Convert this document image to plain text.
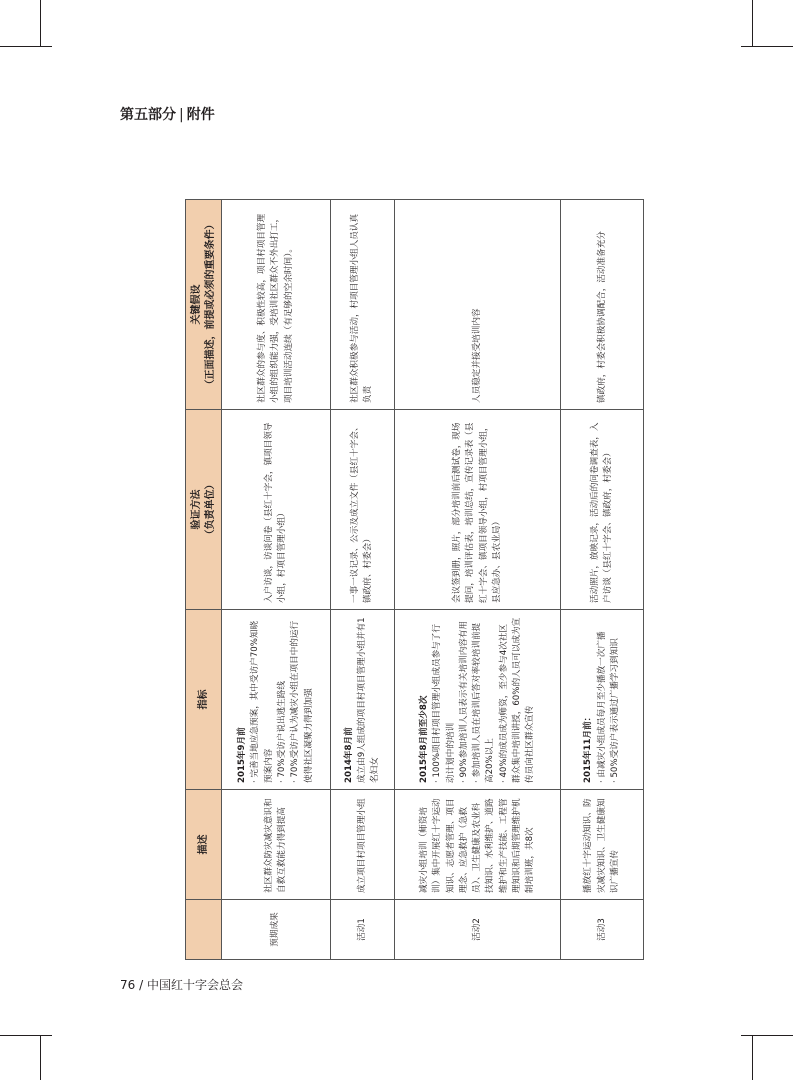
第五部分 | 附件
	描述	指标	验证方法
（负责单位）	关键假设
（正面描述，前提或必须的重要条件）
预期成果	社区群众防灾减灾意识和自救互救能力得到提高	2015年9月前 · 完善当地应急预案，其中受访户70%知晓预案内容 · 70%受访户说出逃生路线 · 70%受访户认为减灾小组在项目中的运行使得社区凝聚力得到加强	入户访谈，访谈问卷（县红十字会，镇项目领导小组，村项目管理小组）	社区群众的参与度、积极性较高，项目村项目管理小组的组织能力强，受培训社区群众不外出打工，项目培训活动连续（有足够的空余时间）。
活动1	成立项目村项目管理小组	2014年8月前 成立由9人组成的项目村项目管理小组并有1名妇女	一事一议记录、公示及成立文件（县红十字会、镇政府、村委会）	社区群众积极参与活动，村项目管理小组人员认真负责
活动2	减灾小组培训（师资培训）集中开展红十字运动知识、志愿者管理、项目理念、应急救护（急救员）、卫生健康及农业科技知识、水利维护、道路维护和生产技能、工程管理知识和后期管理维护机制培训班，共8次	2015年8月前至少8次 · 100%项目村项目管理小组成员参与了行动计划中的培训 · 90%参加培训人员表示有关培训内容有用 · 参加培训人员在培训后答对率较培训前提高20%以上 · 40%的成员成为师资，至少参与4次社区群众集中培训讲授，60%的人员可以成为宣传员向社区群众宣传	会议签到册，照片，部分培训前后测试卷，现场提问，培训评估表，培训总结，宣传记录表（县红十字会、镇项目领导小组，村项目管理小组，县应急办、县农业局）	人员稳定并接受培训内容
活动3	播放红十字运动知识、防灾减灾知识、卫生健康知识广播宣传	2015年11月前： · 由减灾小组成员每月至少播放一次广播 · 50%受访户表示通过广播学习到知识	活动照片，放映记录，活动后的问卷调查表，入户访谈（县红十字会、镇政府，村委会）	镇政府，村委会积极协调配合，活动准备充分
76 / 中国红十字会总会
